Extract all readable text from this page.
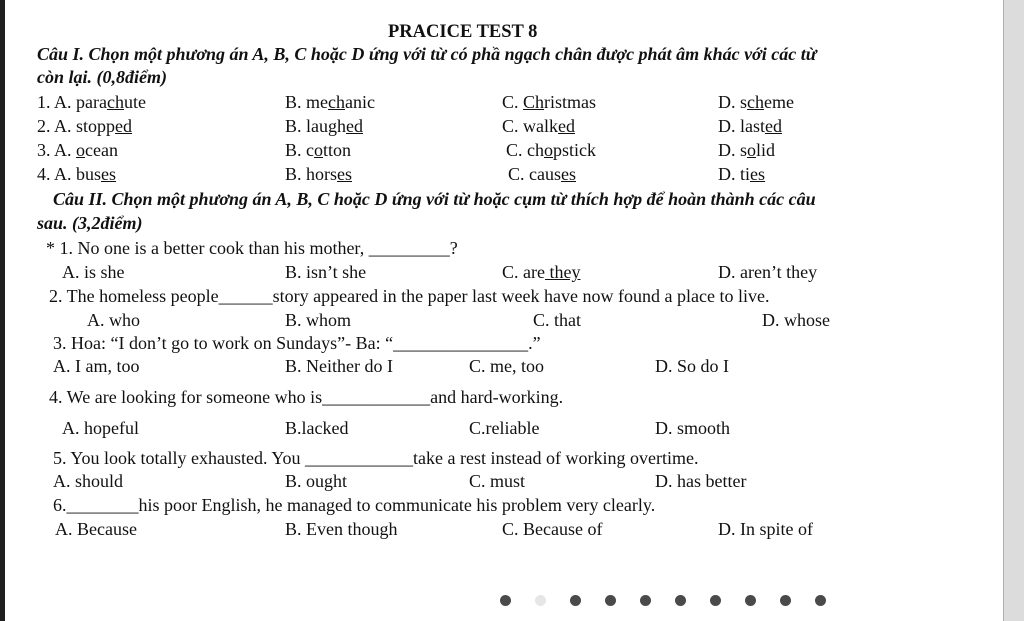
PRACICE TEST 8
Câu I. Chọn một phương án A, B, C hoặc D ứng với từ có phầ ngạch chân được phát âm khác với các từ
còn lại. (0,8điểm)
1. A. parachute	B. mechanic	C. Christmas	D. scheme
2. A. stopped	B. laughed	C. walked	D. lasted
3. A. ocean	B. cotton	C. chopstick	D. solid
4. A. buses	B. horses	C. causes	D. ties
Câu II. Chọn một phương án A, B, C hoặc D ứng với từ hoặc cụm từ thích hợp để hoàn thành các câu
sau. (3,2điểm)
* 1. No one is a better cook than his mother, _________?
A. is she	B. isn’t she	C. are they	D. aren’t they
2. The homeless people______story appeared in the paper last week have now found a place to live.
A. who	B. whom	C. that	D. whose
3. Hoa: “I don’t go to work on Sundays”- Ba: “_______________.”
A. I am, too	B. Neither do I	C. me, too	D. So do I
4. We are looking for someone who is____________and hard-working.
A. hopeful	B.lacked	C.reliable	D. smooth
5. You look totally exhausted. You ____________take a rest instead of working overtime.
A. should	B. ought	C. must	D. has better
6.________his poor English, he managed to communicate his problem very clearly.
A. Because	B. Even though	C. Because of	D. In spite of
